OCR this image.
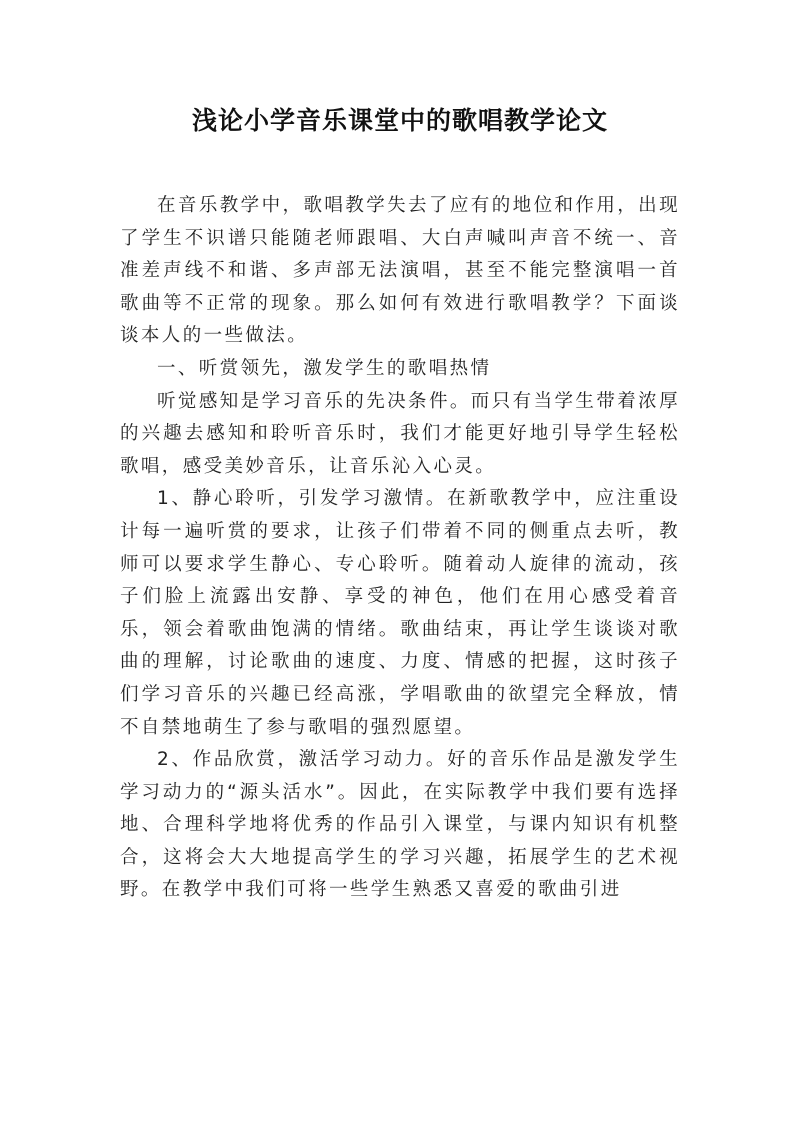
浅论小学音乐课堂中的歌唱教学论文

在音乐教学中，歌唱教学失去了应有的地位和作用，出现了学生不识谱只能随老师跟唱、大白声喊叫声音不统一、音准差声线不和谐、多声部无法演唱，甚至不能完整演唱一首歌曲等不正常的现象。那么如何有效进行歌唱教学？下面谈谈本人的一些做法。

一、听赏领先，激发学生的歌唱热情

听觉感知是学习音乐的先决条件。而只有当学生带着浓厚的兴趣去感知和聆听音乐时，我们才能更好地引导学生轻松歌唱，感受美妙音乐，让音乐沁入心灵。

1、静心聆听，引发学习激情。在新歌教学中，应注重设计每一遍听赏的要求，让孩子们带着不同的侧重点去听，教师可以要求学生静心、专心聆听。随着动人旋律的流动，孩子们脸上流露出安静、享受的神色，他们在用心感受着音乐，领会着歌曲饱满的情绪。歌曲结束，再让学生谈谈对歌曲的理解，讨论歌曲的速度、力度、情感的把握，这时孩子们学习音乐的兴趣已经高涨，学唱歌曲的欲望完全释放，情不自禁地萌生了参与歌唱的强烈愿望。

2、作品欣赏，激活学习动力。好的音乐作品是激发学生学习动力的“源头活水”。因此，在实际教学中我们要有选择地、合理科学地将优秀的作品引入课堂，与课内知识有机整合，这将会大大地提高学生的学习兴趣，拓展学生的艺术视野。在教学中我们可将一些学生熟悉又喜爱的歌曲引进
